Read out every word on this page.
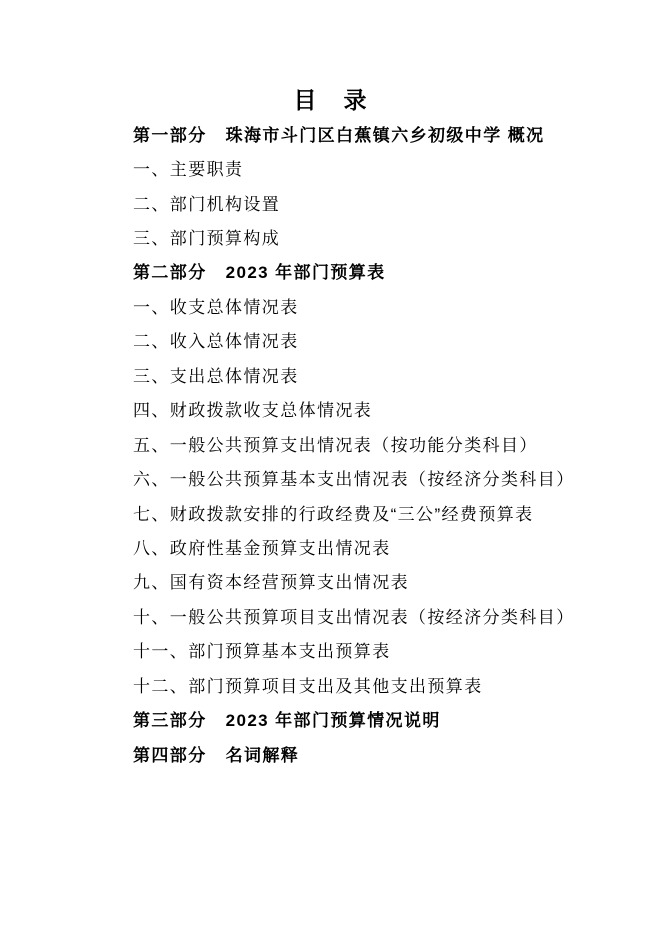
目　录
第一部分 珠海市斗门区白蕉镇六乡初级中学 概况
一、主要职责
二、部门机构设置
三、部门预算构成
第二部分 2023 年部门预算表
一、收支总体情况表
二、收入总体情况表
三、支出总体情况表
四、财政拨款收支总体情况表
五、一般公共预算支出情况表（按功能分类科目）
六、一般公共预算基本支出情况表（按经济分类科目）
七、财政拨款安排的行政经费及“三公”经费预算表
八、政府性基金预算支出情况表
九、国有资本经营预算支出情况表
十、一般公共预算项目支出情况表（按经济分类科目）
十一、部门预算基本支出预算表
十二、部门预算项目支出及其他支出预算表
第三部分 2023 年部门预算情况说明
第四部分 名词解释
